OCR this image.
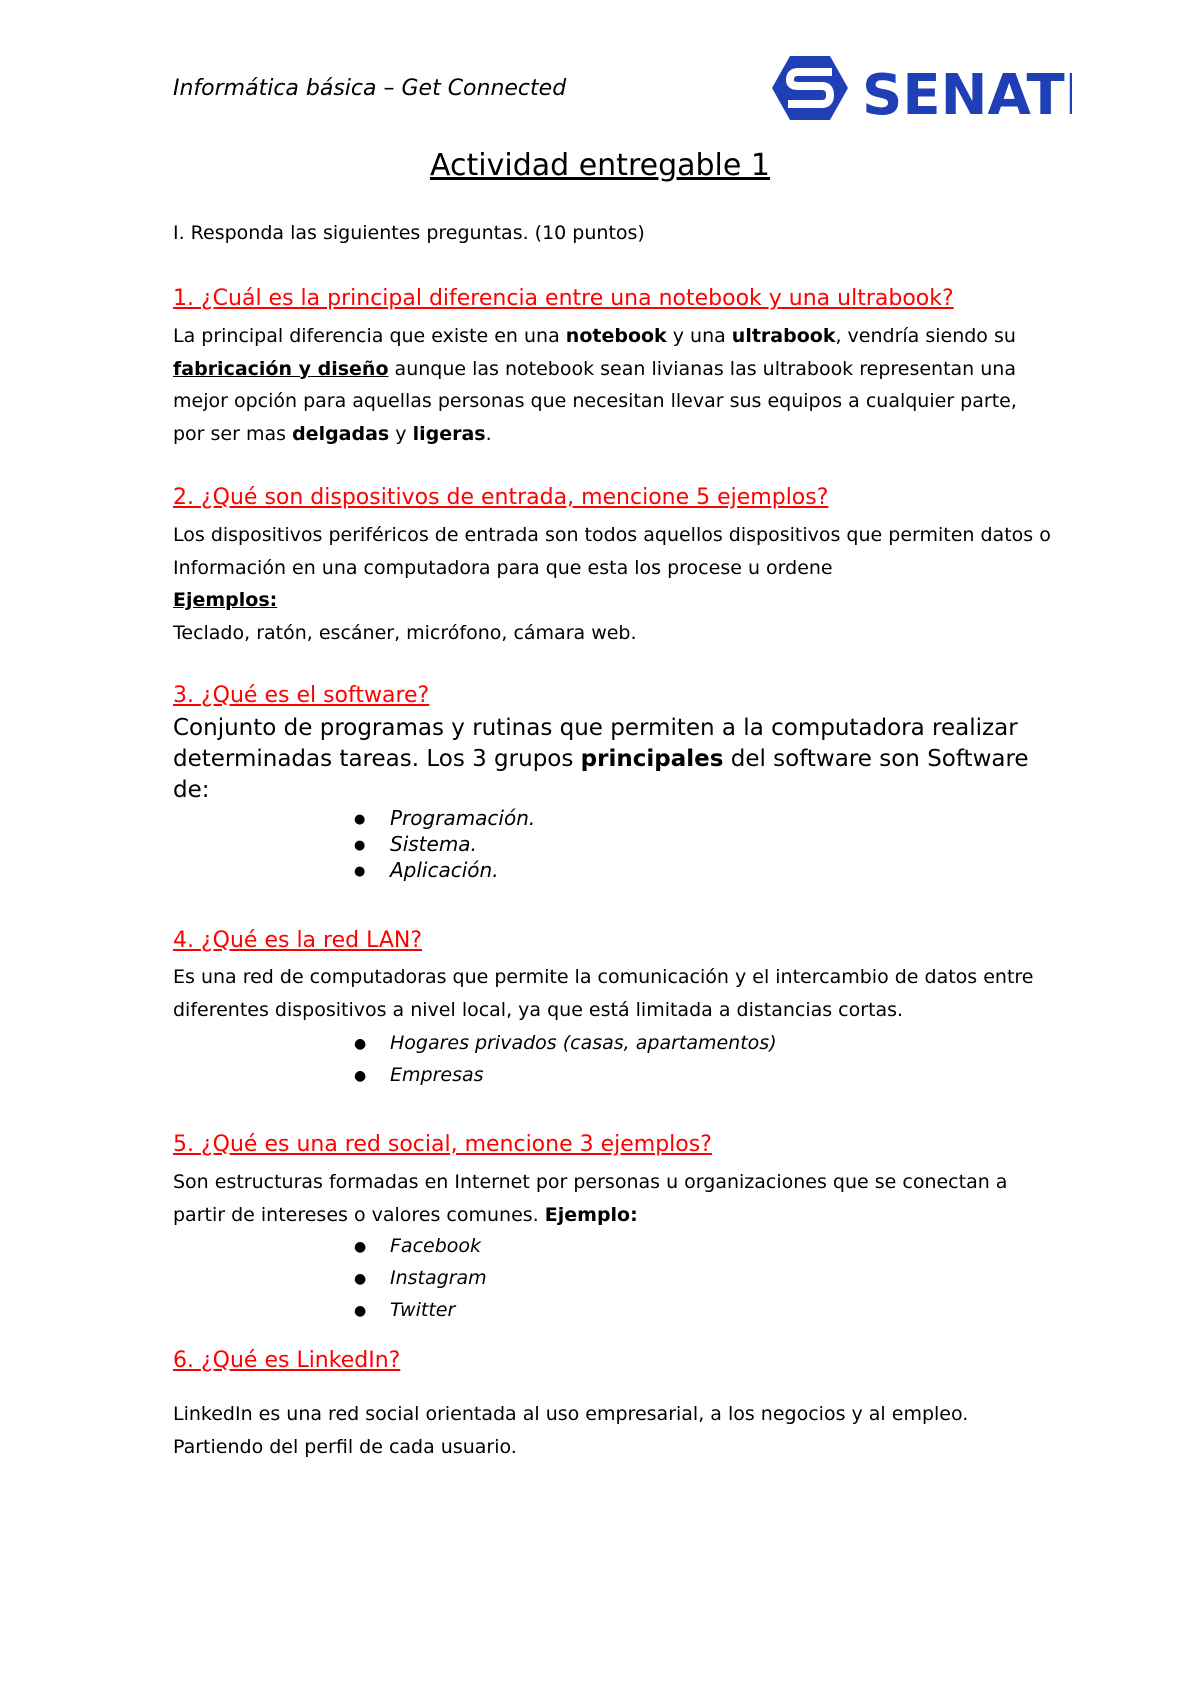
Informática básica – Get Connected	SENATI
Actividad entregable 1
I. Responda las siguientes preguntas. (10 puntos)
1. ¿Cuál es la principal diferencia entre una notebook y una ultrabook?
La principal diferencia que existe en una notebook y una ultrabook, vendría siendo su fabricación y diseño aunque las notebook sean livianas las ultrabook representan una mejor opción para aquellas personas que necesitan llevar sus equipos a cualquier parte, por ser mas delgadas y ligeras.
2. ¿Qué son dispositivos de entrada, mencione 5 ejemplos?
Los dispositivos periféricos de entrada son todos aquellos dispositivos que permiten datos o Información en una computadora para que esta los procese u ordene
Ejemplos:
Teclado, ratón, escáner, micrófono, cámara web.
3. ¿Qué es el software?
Conjunto de programas y rutinas que permiten a la computadora realizar determinadas tareas. Los 3 grupos principales del software son Software de:
● Programación.
● Sistema.
● Aplicación.
4. ¿Qué es la red LAN?
Es una red de computadoras que permite la comunicación y el intercambio de datos entre diferentes dispositivos a nivel local, ya que está limitada a distancias cortas.
● Hogares privados (casas, apartamentos)
● Empresas
5. ¿Qué es una red social, mencione 3 ejemplos?
Son estructuras formadas en Internet por personas u organizaciones que se conectan a partir de intereses o valores comunes. Ejemplo:
● Facebook
● Instagram
● Twitter
6. ¿Qué es LinkedIn?
LinkedIn es una red social orientada al uso empresarial, a los negocios y al empleo. Partiendo del perfil de cada usuario.
